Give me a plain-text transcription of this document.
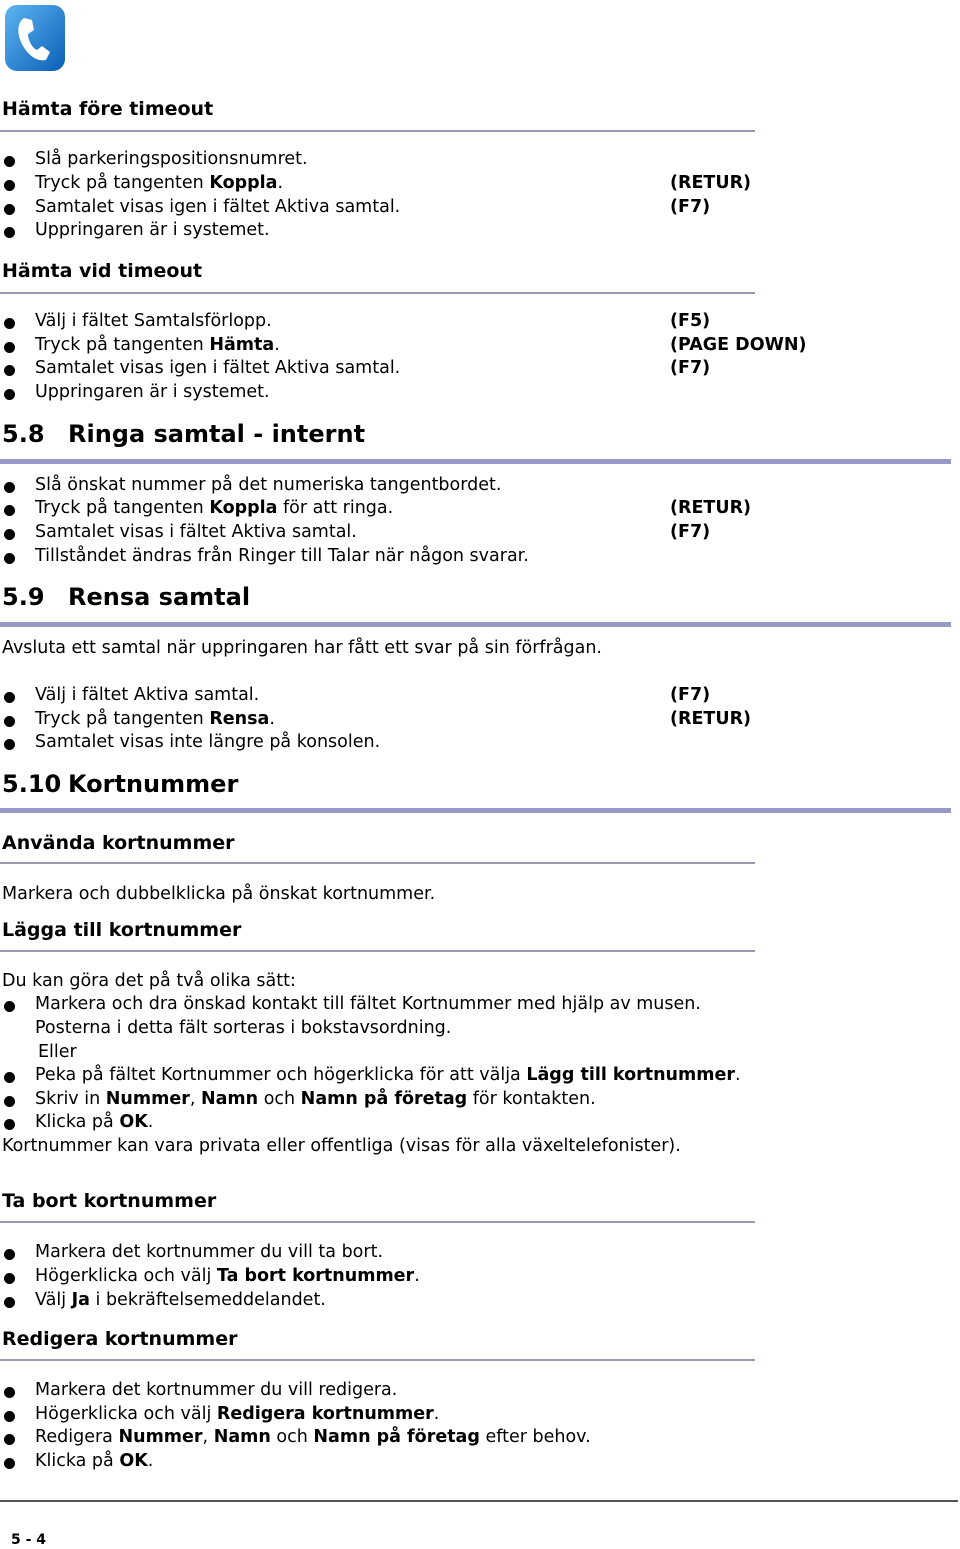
Hämta före timeout
Slå parkeringspositionsnumret.
Tryck på tangenten Koppla.
Samtalet visas igen i fältet Aktiva samtal.
Uppringaren är i systemet.
(RETUR)
(F7)
Hämta vid timeout
Välj i fältet Samtalsförlopp.
Tryck på tangenten Hämta.
Samtalet visas igen i fältet Aktiva samtal.
Uppringaren är i systemet.
(F5)
(PAGE DOWN)
(F7)
5.8 Ringa samtal - internt
Slå önskat nummer på det numeriska tangentbordet.
Tryck på tangenten Koppla för att ringa.
Samtalet visas i fältet Aktiva samtal.
Tillståndet ändras från Ringer till Talar när någon svarar.
(RETUR)
(F7)
5.9 Rensa samtal
Avsluta ett samtal när uppringaren har fått ett svar på sin förfrågan.
Välj i fältet Aktiva samtal.
Tryck på tangenten Rensa.
Samtalet visas inte längre på konsolen.
(F7)
(RETUR)
5.10 Kortnummer
Använda kortnummer
Markera och dubbelklicka på önskat kortnummer.
Lägga till kortnummer
Du kan göra det på två olika sätt:
Markera och dra önskad kontakt till fältet Kortnummer med hjälp av musen.
Posterna i detta fält sorteras i bokstavsordning.
Eller
Peka på fältet Kortnummer och högerklicka för att välja Lägg till kortnummer.
Skriv in Nummer, Namn och Namn på företag för kontakten.
Klicka på OK.
Kortnummer kan vara privata eller offentliga (visas för alla växeltelefonister).
Ta bort kortnummer
Markera det kortnummer du vill ta bort.
Högerklicka och välj Ta bort kortnummer.
Välj Ja i bekräftelsemeddelandet.
Redigera kortnummer
Markera det kortnummer du vill redigera.
Högerklicka och välj Redigera kortnummer.
Redigera Nummer, Namn och Namn på företag efter behov.
Klicka på OK.
5 - 4
